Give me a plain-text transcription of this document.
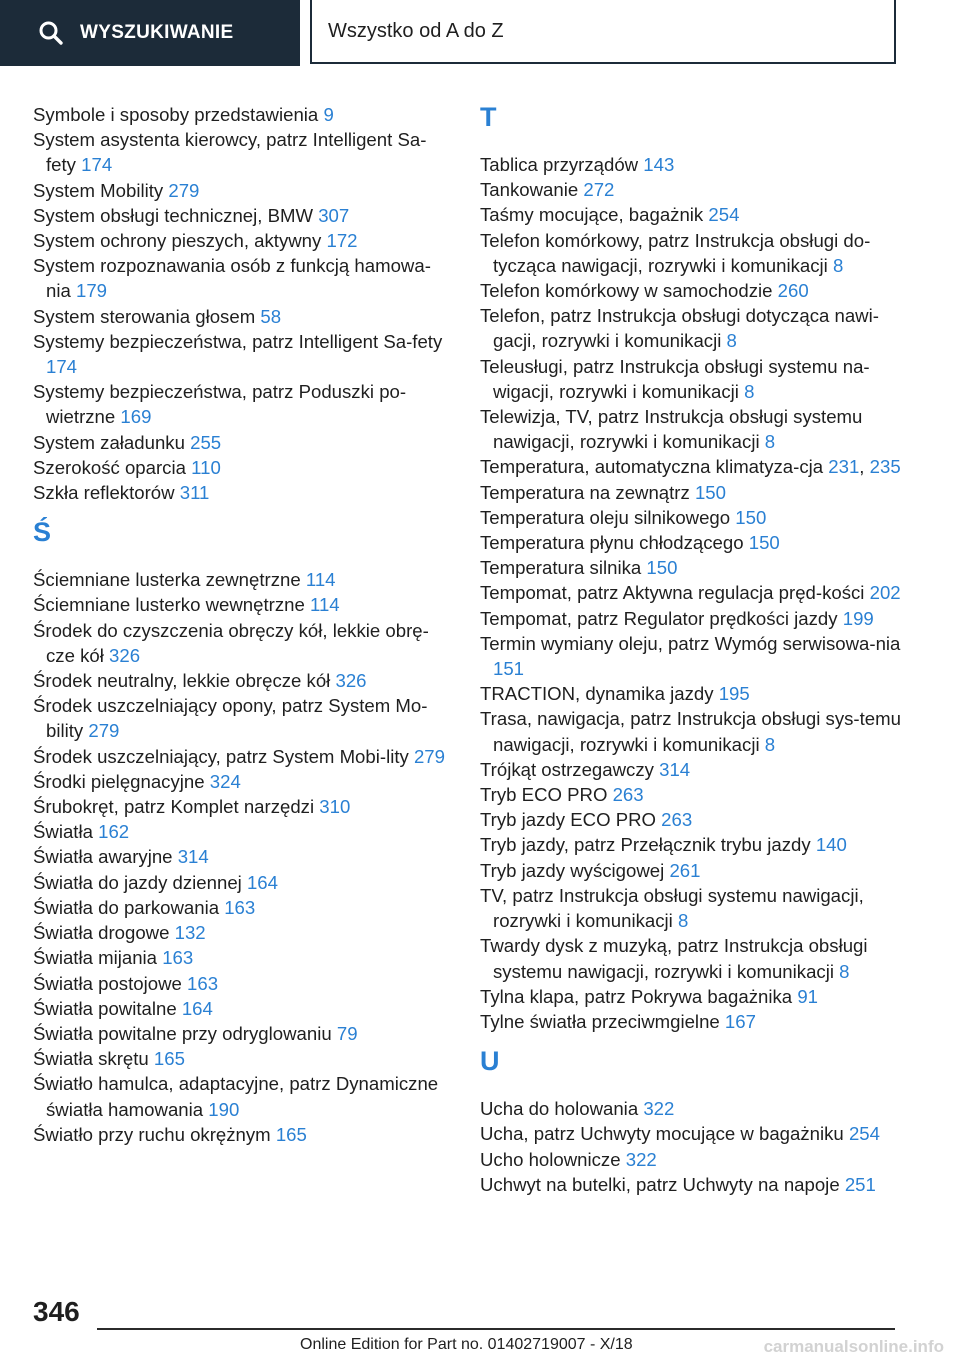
WYSZUKIWANIE	Wszystko od A do Z
Symbole i sposoby przedstawienia 9
System asystenta kierowcy, patrz Intelligent Sa-fety 174
System Mobility 279
System obsługi technicznej, BMW 307
System ochrony pieszych, aktywny 172
System rozpoznawania osób z funkcją hamowa-nia 179
System sterowania głosem 58
Systemy bezpieczeństwa, patrz Intelligent Sa-fety 174
Systemy bezpieczeństwa, patrz Poduszki po-wietrzne 169
System załadunku 255
Szerokość oparcia 110
Szkła reflektorów 311
Ś
Ściemniane lusterka zewnętrzne 114
Ściemniane lusterko wewnętrzne 114
Środek do czyszczenia obręczy kół, lekkie obrę-cze kół 326
Środek neutralny, lekkie obręcze kół 326
Środek uszczelniający opony, patrz System Mo-bility 279
Środek uszczelniający, patrz System Mobi-lity 279
Środki pielęgnacyjne 324
Śrubokręt, patrz Komplet narzędzi 310
Światła 162
Światła awaryjne 314
Światła do jazdy dziennej 164
Światła do parkowania 163
Światła drogowe 132
Światła mijania 163
Światła postojowe 163
Światła powitalne 164
Światła powitalne przy odryglowaniu 79
Światła skrętu 165
Światło hamulca, adaptacyjne, patrz Dynamiczne światła hamowania 190
Światło przy ruchu okrężnym 165
T
Tablica przyrządów 143
Tankowanie 272
Taśmy mocujące, bagażnik 254
Telefon komórkowy, patrz Instrukcja obsługi do-tycząca nawigacji, rozrywki i komunikacji 8
Telefon komórkowy w samochodzie 260
Telefon, patrz Instrukcja obsługi dotycząca nawi-gacji, rozrywki i komunikacji 8
Teleusługi, patrz Instrukcja obsługi systemu na-wigacji, rozrywki i komunikacji 8
Telewizja, TV, patrz Instrukcja obsługi systemu nawigacji, rozrywki i komunikacji 8
Temperatura, automatyczna klimatyza-cja 231, 235
Temperatura na zewnątrz 150
Temperatura oleju silnikowego 150
Temperatura płynu chłodzącego 150
Temperatura silnika 150
Tempomat, patrz Aktywna regulacja pręd-kości 202
Tempomat, patrz Regulator prędkości jazdy 199
Termin wymiany oleju, patrz Wymóg serwisowa-nia 151
TRACTION, dynamika jazdy 195
Trasa, nawigacja, patrz Instrukcja obsługi sys-temu nawigacji, rozrywki i komunikacji 8
Trójkąt ostrzegawczy 314
Tryb ECO PRO 263
Tryb jazdy ECO PRO 263
Tryb jazdy, patrz Przełącznik trybu jazdy 140
Tryb jazdy wyścigowej 261
TV, patrz Instrukcja obsługi systemu nawigacji, rozrywki i komunikacji 8
Twardy dysk z muzyką, patrz Instrukcja obsługi systemu nawigacji, rozrywki i komunikacji 8
Tylna klapa, patrz Pokrywa bagażnika 91
Tylne światła przeciwmgielne 167
U
Ucha do holowania 322
Ucha, patrz Uchwyty mocujące w bagażniku 254
Ucho holownicze 322
Uchwyt na butelki, patrz Uchwyty na napoje 251
346
Online Edition for Part no. 01402719007 - X/18	carmanualsonline.info
